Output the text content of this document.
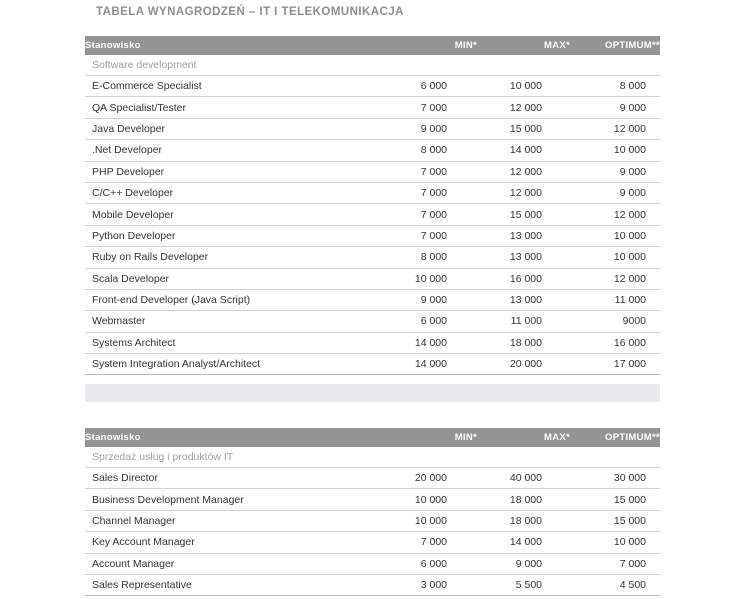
TABELA WYNAGRODZEŃ – IT I TELEKOMUNIKACJA
Stanowisko	MIN*	MAX*	OPTIMUM**
Software development			
E-Commerce Specialist	6 000	10 000	8 000
QA Specialist/Tester	7 000	12 000	9 000
Java Developer	9 000	15 000	12 000
.Net Developer	8 000	14 000	10 000
PHP Developer	7 000	12 000	9 000
C/C++ Developer	7 000	12 000	9 000
Mobile Developer	7 000	15 000	12 000
Python Developer	7 000	13 000	10 000
Ruby on Rails Developer	8 000	13 000	10 000
Scala Developer	10 000	16 000	12 000
Front-end Developer (Java Script)	9 000	13 000	11 000
Webmaster	6 000	11 000	9000
Systems Architect	14 000	18 000	16 000
System Integration Analyst/Architect	14 000	20 000	17 000
Stanowisko	MIN*	MAX*	OPTIMUM**
Sprzedaż usług i produktów IT			
Sales Director	20 000	40 000	30 000
Business Development Manager	10 000	18 000	15 000
Channel Manager	10 000	18 000	15 000
Key Account Manager	7 000	14 000	10 000
Account Manager	6 000	9 000	7 000
Sales Representative	3 000	5 500	4 500
